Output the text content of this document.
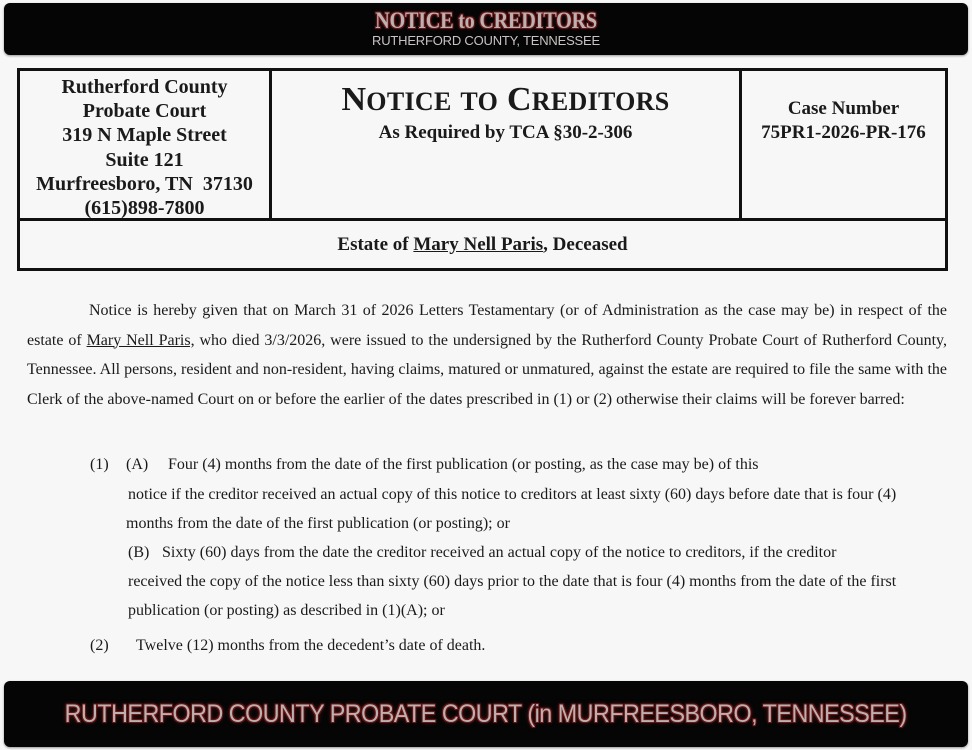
NOTICE to CREDITORS
RUTHERFORD COUNTY, TENNESSEE
Rutherford County
Probate Court
319 N Maple Street
Suite 121
Murfreesboro, TN  37130
(615)898-7800
NOTICE TO CREDITORS
As Required by TCA §30-2-306
Case Number
75PR1-2026-PR-176
Estate of Mary Nell Paris, Deceased

Notice is hereby given that on March 31 of 2026 Letters Testamentary (or of Administration as the case may be) in respect of the estate of Mary Nell Paris, who died 3/3/2026, were issued to the undersigned by the Rutherford County Probate Court of Rutherford County, Tennessee. All persons, resident and non-resident, having claims, matured or unmatured, against the estate are required to file the same with the Clerk of the above-named Court on or before the earlier of the dates prescribed in (1) or (2) otherwise their claims will be forever barred:

(1) (A) Four (4) months from the date of the first publication (or posting, as the case may be) of this
notice if the creditor received an actual copy of this notice to creditors at least sixty (60) days before date that is four (4)
months from the date of the first publication (or posting); or
(B) Sixty (60) days from the date the creditor received an actual copy of the notice to creditors, if the creditor
received the copy of the notice less than sixty (60) days prior to the date that is four (4) months from the date of the first
publication (or posting) as described in (1)(A); or
(2) Twelve (12) months from the decedent’s date of death.
RUTHERFORD COUNTY PROBATE COURT (in MURFREESBORO, TENNESSEE)
